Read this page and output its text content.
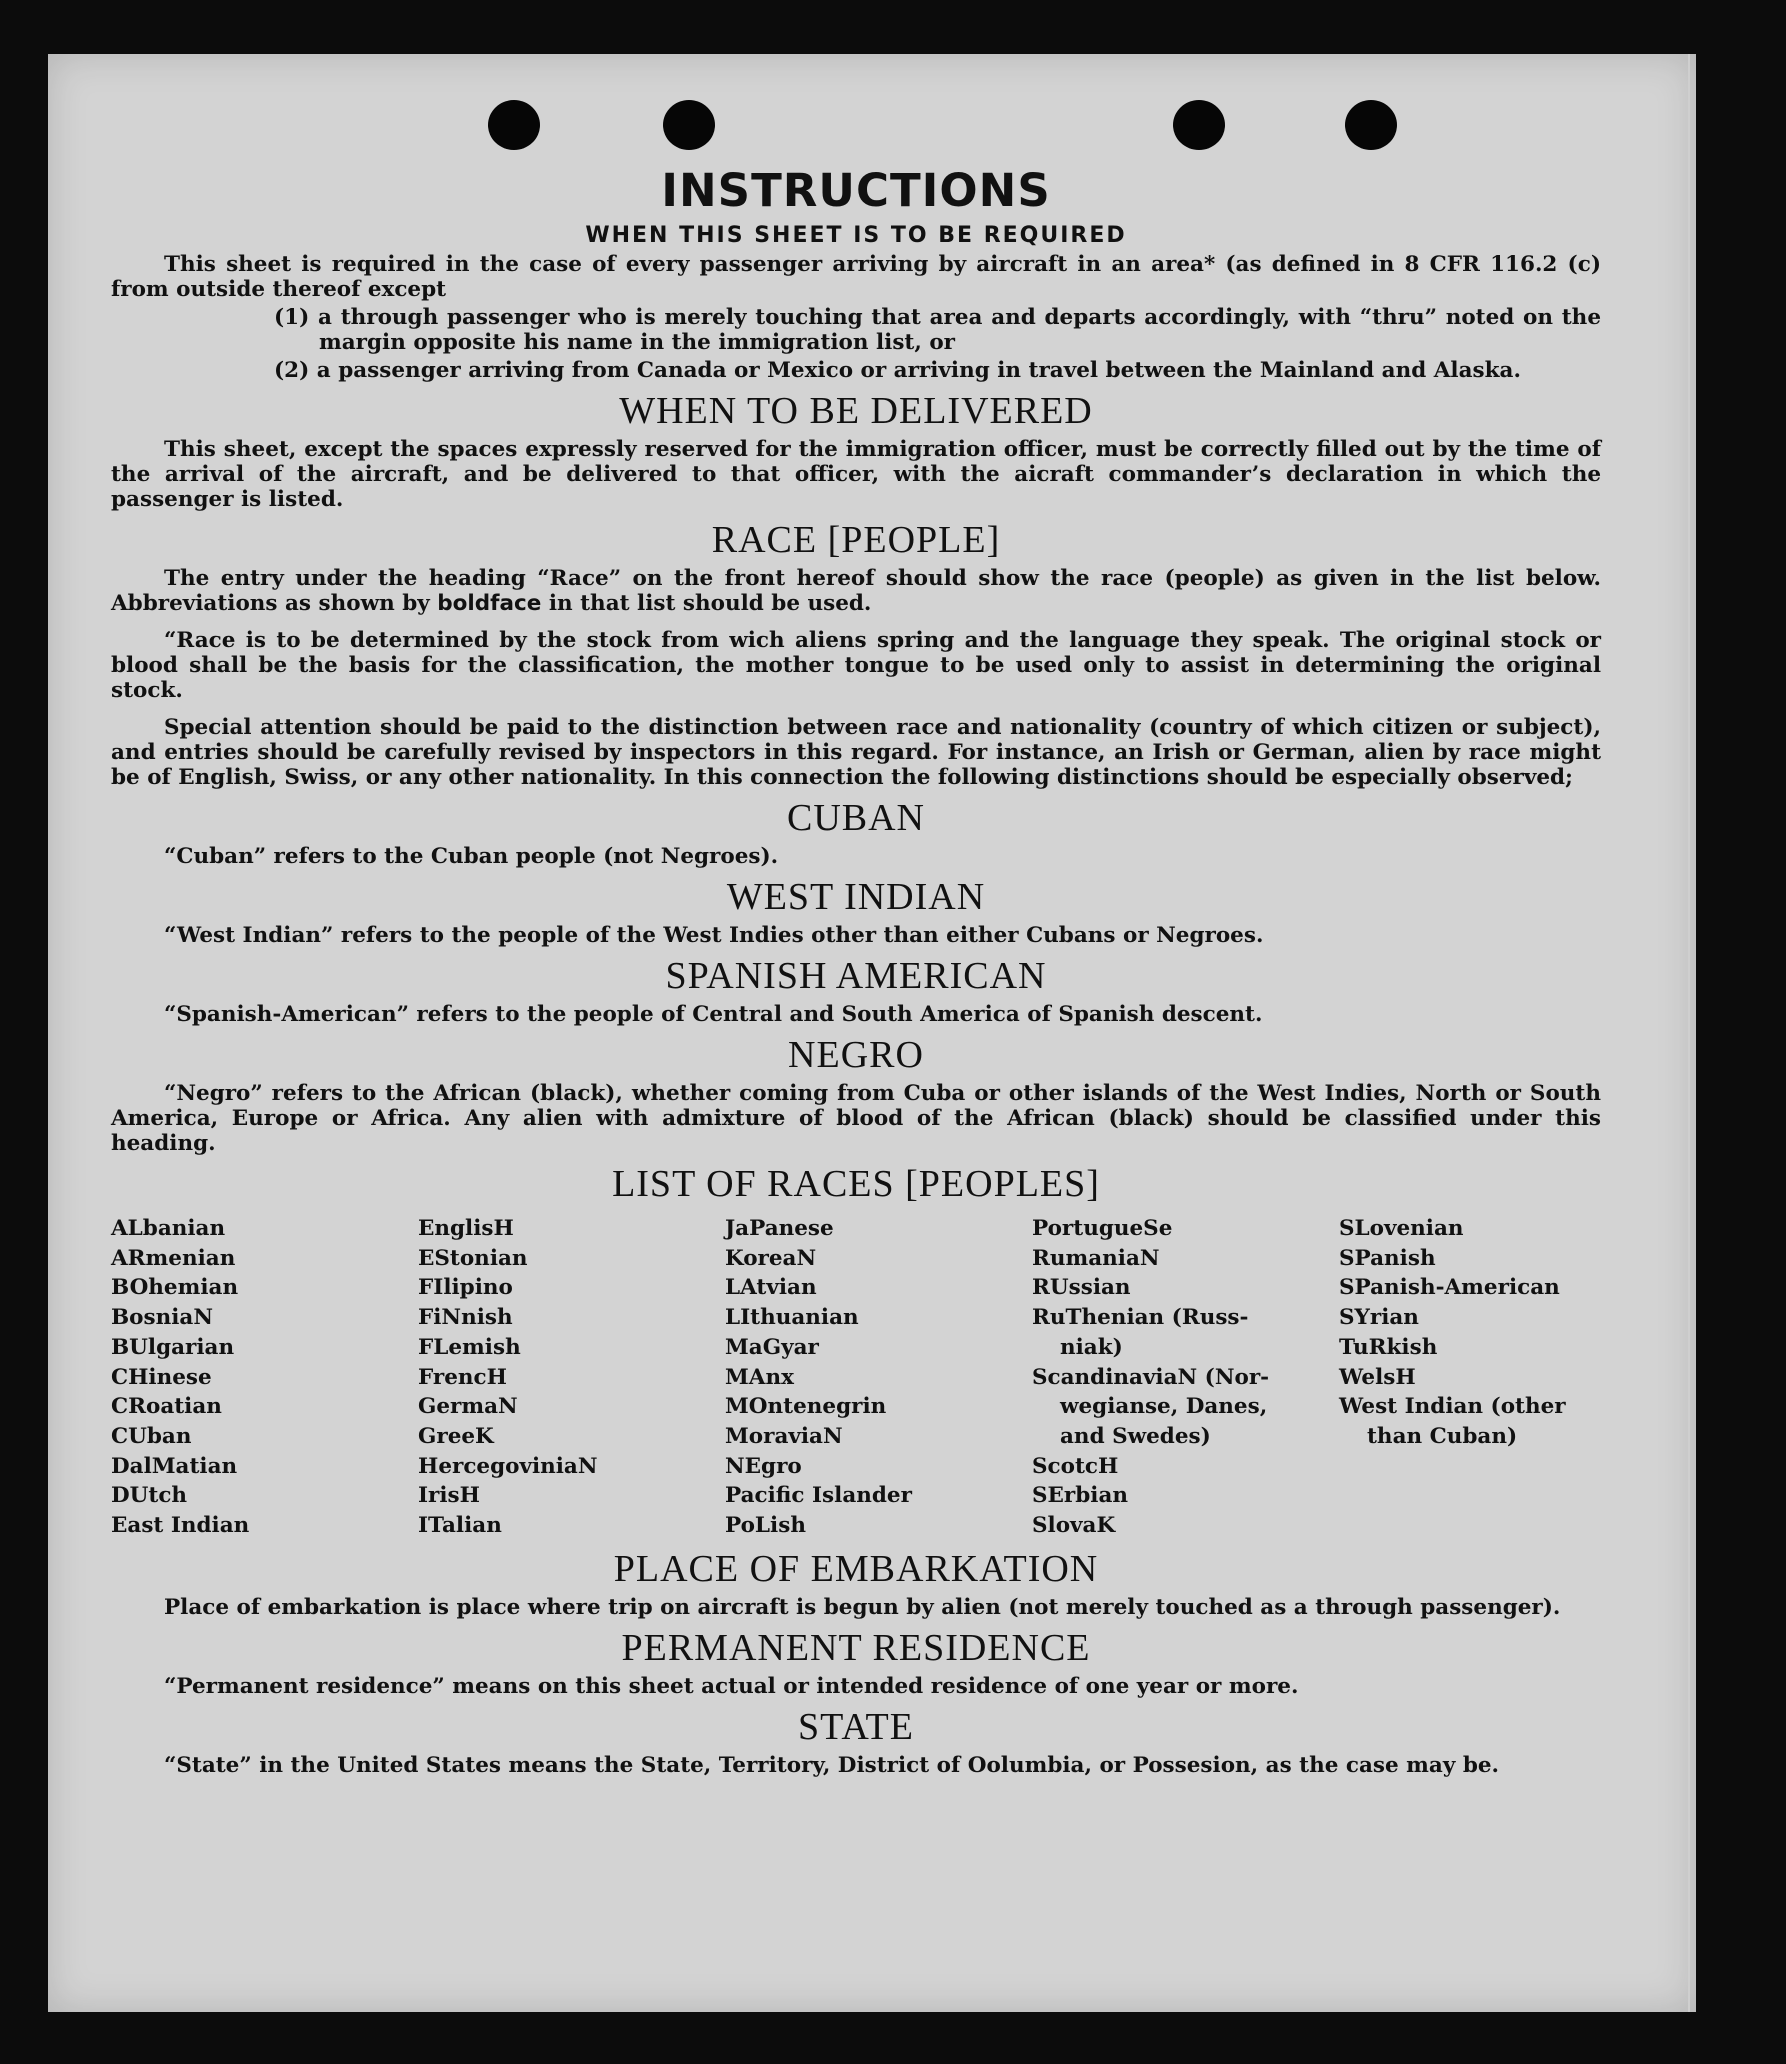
INSTRUCTIONS
WHEN THIS SHEET IS TO BE REQUIRED

This sheet is required in the case of every passenger arriving by aircraft in an area* (as defined in 8 CFR 116.2 (c) from outside thereof except

(1) a through passenger who is merely touching that area and departs accordingly, with “thru” noted on the margin opposite his name in the immigration list, or
(2) a passenger arriving from Canada or Mexico or arriving in travel between the Mainland and Alaska.
WHEN TO BE DELIVERED

This sheet, except the spaces expressly reserved for the immigration officer, must be correctly filled out by the time of the arrival of the aircraft, and be delivered to that officer, with the aicraft commander’s declaration in which the passenger is listed.

RACE [PEOPLE]

The entry under the heading “Race” on the front hereof should show the race (people) as given in the list below. Abbreviations as shown by boldface in that list should be used.

“Race is to be determined by the stock from wich aliens spring and the language they speak. The original stock or blood shall be the basis for the classification, the mother tongue to be used only to assist in determining the original stock.

Special attention should be paid to the distinction between race and nationality (country of which citizen or subject), and entries should be carefully revised by inspectors in this regard. For instance, an Irish or German, alien by race might be of English, Swiss, or any other nationality. In this connection the following distinctions should be especially observed;

CUBAN

“Cuban” refers to the Cuban people (not Negroes).

WEST INDIAN

“West Indian” refers to the people of the West Indies other than either Cubans or Negroes.

SPANISH AMERICAN

“Spanish-American” refers to the people of Central and South America of Spanish descent.

NEGRO

“Negro” refers to the African (black), whether coming from Cuba or other islands of the West Indies, North or South America, Europe or Africa. Any alien with admixture of blood of the African (black) should be classified under this heading.

LIST OF RACES [PEOPLES]
ALbanian
ARmenian
BOhemian
BosniaN
BUlgarian
CHinese
CRoatian
CUban
DalMatian
DUtch
East Indian
EnglisH
EStonian
FIlipino
FiNnish
FLemish
FrencH
GermaN
GreeK
HercegoviniaN
IrisH
ITalian
JaPanese
KoreaN
LAtvian
LIthuanian
MaGyar
MAnx
MOntenegrin
MoraviaN
NEgro
Pacific Islander
PoLish
PortugueSe
RumaniaN
RUssian
RuThenian (Russ-
niak)
ScandinaviaN (Nor-
wegianse, Danes,
and Swedes)
ScotcH
SErbian
SlovaK
SLovenian
SPanish
SPanish-American
SYrian
TuRkish
WelsH
West Indian (other
than Cuban)
PLACE OF EMBARKATION

Place of embarkation is place where trip on aircraft is begun by alien (not merely touched as a through passenger).

PERMANENT RESIDENCE

“Permanent residence” means on this sheet actual or intended residence of one year or more.

STATE

“State” in the United States means the State, Territory, District of Oolumbia, or Possesion, as the case may be.
